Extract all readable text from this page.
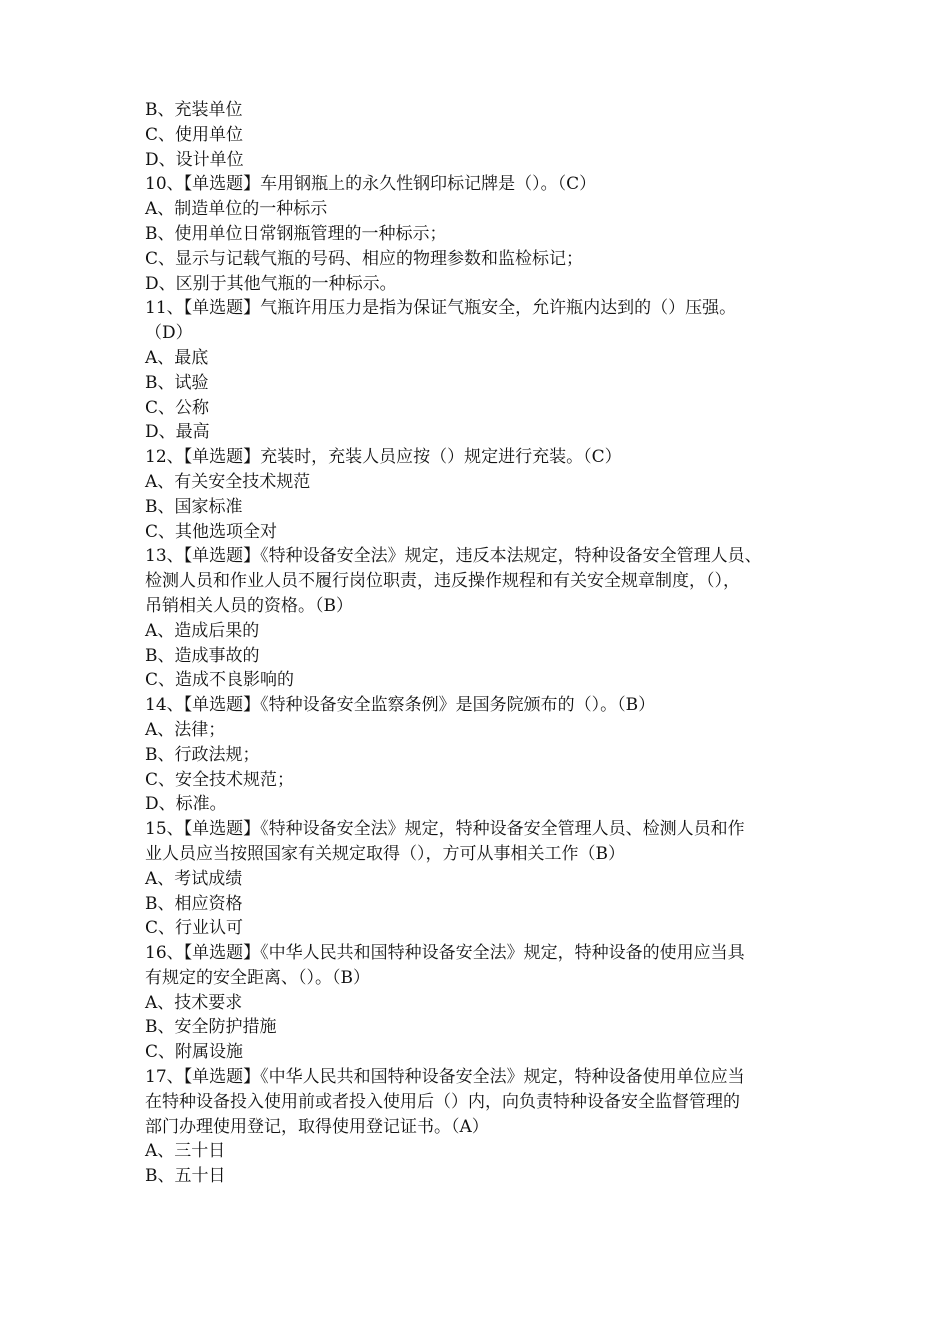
B、充装单位

C、使用单位

D、设计单位

10、【单选题】车用钢瓶上的永久性钢印标记牌是（）。（C）

A、制造单位的一种标示

B、使用单位日常钢瓶管理的一种标示；

C、显示与记载气瓶的号码、相应的物理参数和监检标记；

D、区别于其他气瓶的一种标示。

11、【单选题】气瓶许用压力是指为保证气瓶安全，允许瓶内达到的（）压强。

（D）

A、最底

B、试验

C、公称

D、最高

12、【单选题】充装时，充装人员应按（）规定进行充装。（C）

A、有关安全技术规范

B、国家标准

C、其他选项全对

13、【单选题】《特种设备安全法》规定，违反本法规定，特种设备安全管理人员、

检测人员和作业人员不履行岗位职责，违反操作规程和有关安全规章制度，（），

吊销相关人员的资格。（B）

A、造成后果的

B、造成事故的

C、造成不良影响的

14、【单选题】《特种设备安全监察条例》是国务院颁布的（）。（B）

A、法律；

B、行政法规；

C、安全技术规范；

D、标准。

15、【单选题】《特种设备安全法》规定，特种设备安全管理人员、检测人员和作

业人员应当按照国家有关规定取得（），方可从事相关工作（B）

A、考试成绩

B、相应资格

C、行业认可

16、【单选题】《中华人民共和国特种设备安全法》规定，特种设备的使用应当具

有规定的安全距离、（）。（B）

A、技术要求

B、安全防护措施

C、附属设施

17、【单选题】《中华人民共和国特种设备安全法》规定，特种设备使用单位应当

在特种设备投入使用前或者投入使用后（）内，向负责特种设备安全监督管理的

部门办理使用登记，取得使用登记证书。（A）

A、三十日

B、五十日
